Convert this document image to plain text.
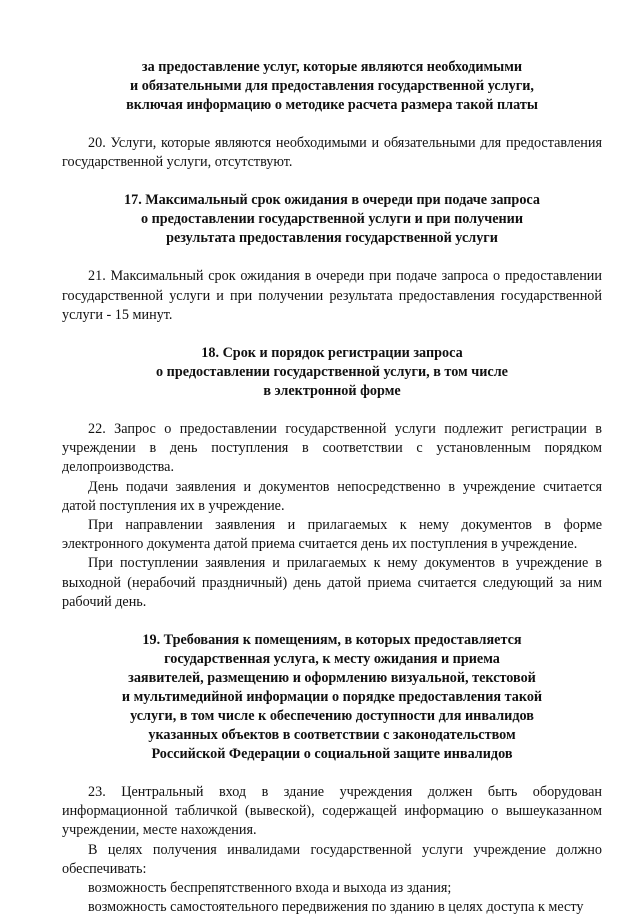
за предоставление услуг, которые являются необходимыми
и обязательными для предоставления государственной услуги,
включая информацию о методике расчета размера такой платы

20. Услуги, которые являются необходимыми и обязательными для предоставления государственной услуги, отсутствуют.

17. Максимальный срок ожидания в очереди при подаче запроса
о предоставлении государственной услуги и при получении
результата предоставления государственной услуги

21. Максимальный срок ожидания в очереди при подаче запроса о предоставлении государственной услуги и при получении результата предоставления государственной услуги - 15 минут.

18. Срок и порядок регистрации запроса
о предоставлении государственной услуги, в том числе
в электронной форме

22. Запрос о предоставлении государственной услуги подлежит регистрации в учреждении в день поступления в соответствии с установленным порядком делопроизводства.

День подачи заявления и документов непосредственно в учреждение считается датой поступления их в учреждение.

При направлении заявления и прилагаемых к нему документов в форме электронного документа датой приема считается день их поступления в учреждение.

При поступлении заявления и прилагаемых к нему документов в учреждение в выходной (нерабочий праздничный) день датой приема считается следующий за ним рабочий день.

19. Требования к помещениям, в которых предоставляется
государственная услуга, к месту ожидания и приема
заявителей, размещению и оформлению визуальной, текстовой
и мультимедийной информации о порядке предоставления такой
услуги, в том числе к обеспечению доступности для инвалидов
указанных объектов в соответствии с законодательством
Российской Федерации о социальной защите инвалидов

23. Центральный вход в здание учреждения должен быть оборудован информационной табличкой (вывеской), содержащей информацию о вышеуказанном учреждении, месте нахождения.

В целях получения инвалидами государственной услуги учреждение должно обеспечивать:

возможность беспрепятственного входа и выхода из здания;

возможность самостоятельного передвижения по зданию в целях доступа к месту
